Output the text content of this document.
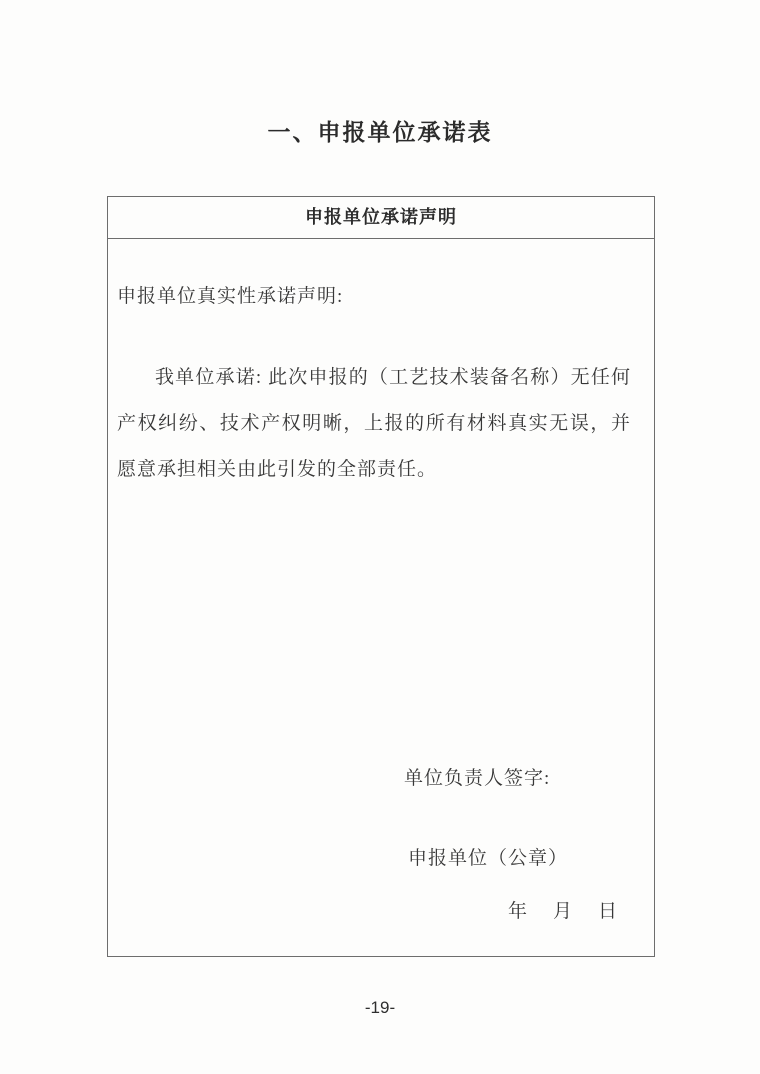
一、申报单位承诺表
申报单位承诺声明
申报单位真实性承诺声明:
我单位承诺: 此次申报的（工艺技术装备名称）无任何产权纠纷、技术产权明晰，上报的所有材料真实无误，并愿意承担相关由此引发的全部责任。
单位负责人签字:
申报单位（公章）
年 月 日
-19-
